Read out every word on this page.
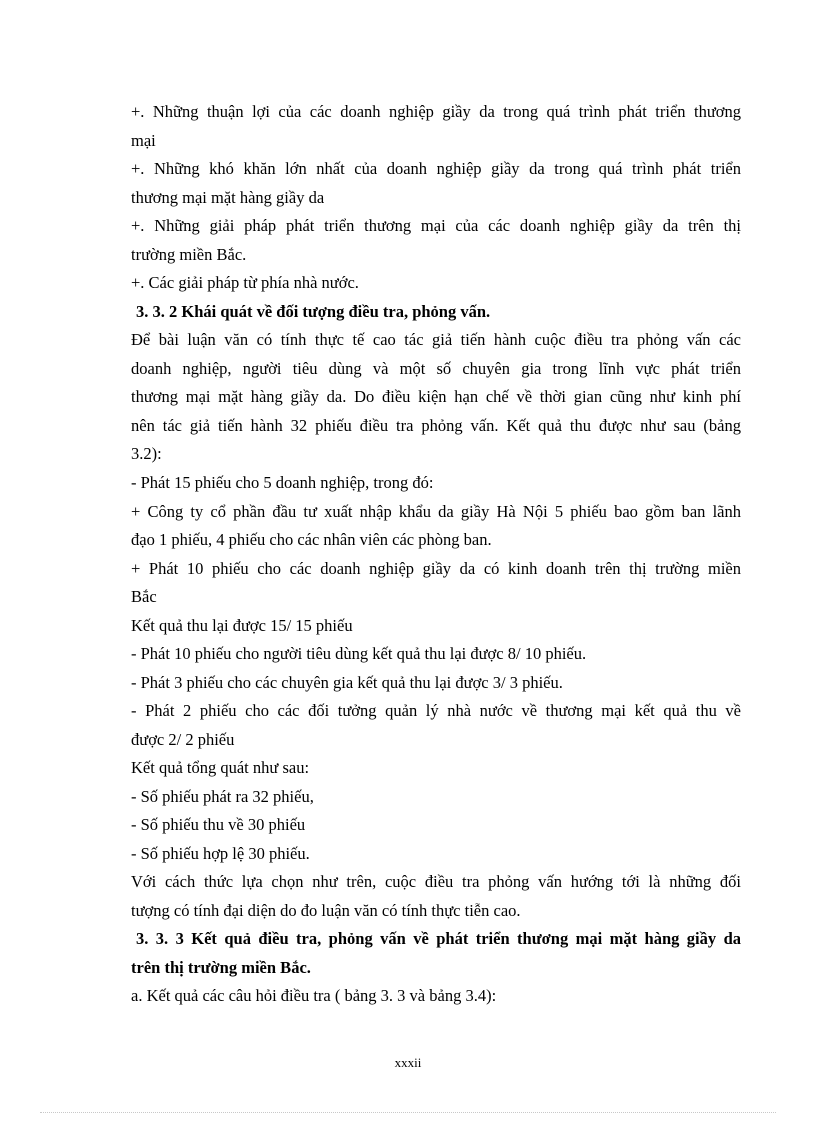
+. Những thuận lợi của các doanh nghiệp giầy da trong quá trình phát triển thương
mại
+. Những khó khăn lớn nhất của doanh nghiệp giầy da trong quá trình phát triển
thương mại mặt hàng giầy da
+. Những giải pháp phát triển thương mại của các doanh nghiệp giầy da trên thị
trường miền Bắc.
+. Các giải pháp từ phía nhà nước.
3. 3. 2 Khái quát về đối tượng điều tra, phỏng vấn.
Để bài luận văn có tính thực tế cao tác giả tiến hành cuộc điều tra phỏng vấn các
doanh nghiệp, người tiêu dùng và một số chuyên gia trong lĩnh vực phát triển
thương mại mặt hàng giầy da. Do điều kiện hạn chế về thời gian cũng như kinh phí
nên tác giả tiến hành 32 phiếu điều tra phỏng vấn. Kết quả thu được như sau (bảng
3.2):
- Phát 15 phiếu cho 5 doanh nghiệp, trong đó:
+ Công ty cổ phần đầu tư xuất nhập khẩu da giầy Hà Nội 5 phiếu bao gồm ban lãnh
đạo 1 phiếu, 4 phiếu cho các nhân viên các phòng ban.
+ Phát 10 phiếu cho các doanh nghiệp giầy da có kinh doanh trên thị trường miền
Bắc
Kết quả thu lại được 15/ 15 phiếu
- Phát 10 phiếu cho người tiêu dùng kết quả thu lại được 8/ 10 phiếu.
- Phát 3 phiếu cho các chuyên gia kết quả thu lại được 3/ 3 phiếu.
- Phát 2 phiếu cho các đối tưởng quản lý nhà nước về thương mại kết quả thu về
được 2/ 2 phiếu
Kết quả tổng quát như sau:
- Số phiếu phát ra 32 phiếu,
- Số phiếu thu về 30 phiếu
- Số phiếu hợp lệ 30 phiếu.
Với cách thức lựa chọn như trên, cuộc điều tra phỏng vấn hướng tới là những đối
tượng có tính đại diện do đo luận văn có tính thực tiễn cao.
3. 3. 3 Kết quả điều tra, phỏng vấn về phát triển thương mại mặt hàng giầy da
trên thị trường miền Bắc.
a. Kết quả các câu hỏi điều tra ( bảng 3. 3 và bảng 3.4):
xxxii
